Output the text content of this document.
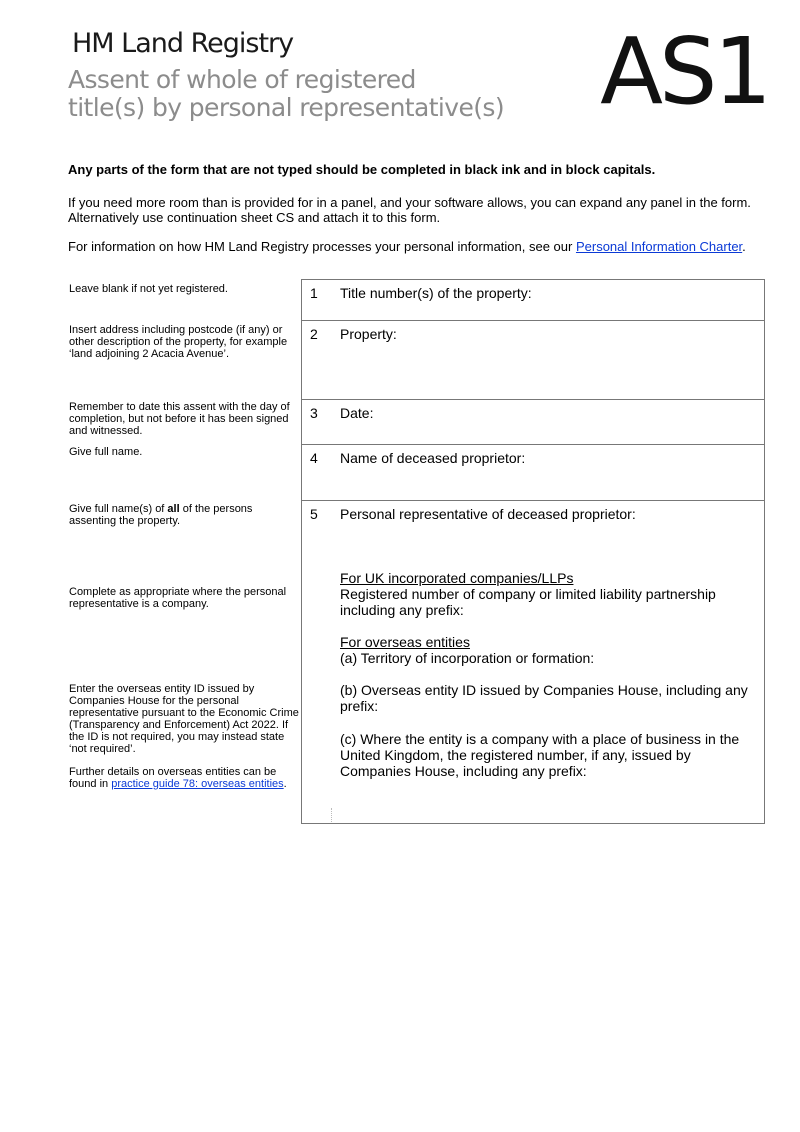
HM Land Registry
Assent of whole of registered
title(s) by personal representative(s) AS1
Any parts of the form that are not typed should be completed in black ink and in block capitals.
If you need more room than is provided for in a panel, and your software allows, you can expand any panel in the form. Alternatively use continuation sheet CS and attach it to this form.
For information on how HM Land Registry processes your personal information, see our Personal Information Charter.
Leave blank if not yet registered.
Insert address including postcode (if any) or other description of the property, for example ‘land adjoining 2 Acacia Avenue’.
Remember to date this assent with the day of completion, but not before it has been signed and witnessed.
Give full name.
Give full name(s) of all of the persons assenting the property.
Complete as appropriate where the personal representative is a company.

Enter the overseas entity ID issued by Companies House for the personal representative pursuant to the Economic Crime (Transparency and Enforcement) Act 2022. If the ID is not required, you may instead state ‘not required’.

Further details on overseas entities can be found in practice guide 78: overseas entities.

1 Title number(s) of the property:
2 Property:
3 Date:
4 Name of deceased proprietor:
5 Personal representative of deceased proprietor:
For UK incorporated companies/LLPs
Registered number of company or limited liability partnership including any prefix:
For overseas entities
(a) Territory of incorporation or formation:
(b) Overseas entity ID issued by Companies House, including any prefix:
(c) Where the entity is a company with a place of business in the United Kingdom, the registered number, if any, issued by Companies House, including any prefix:
